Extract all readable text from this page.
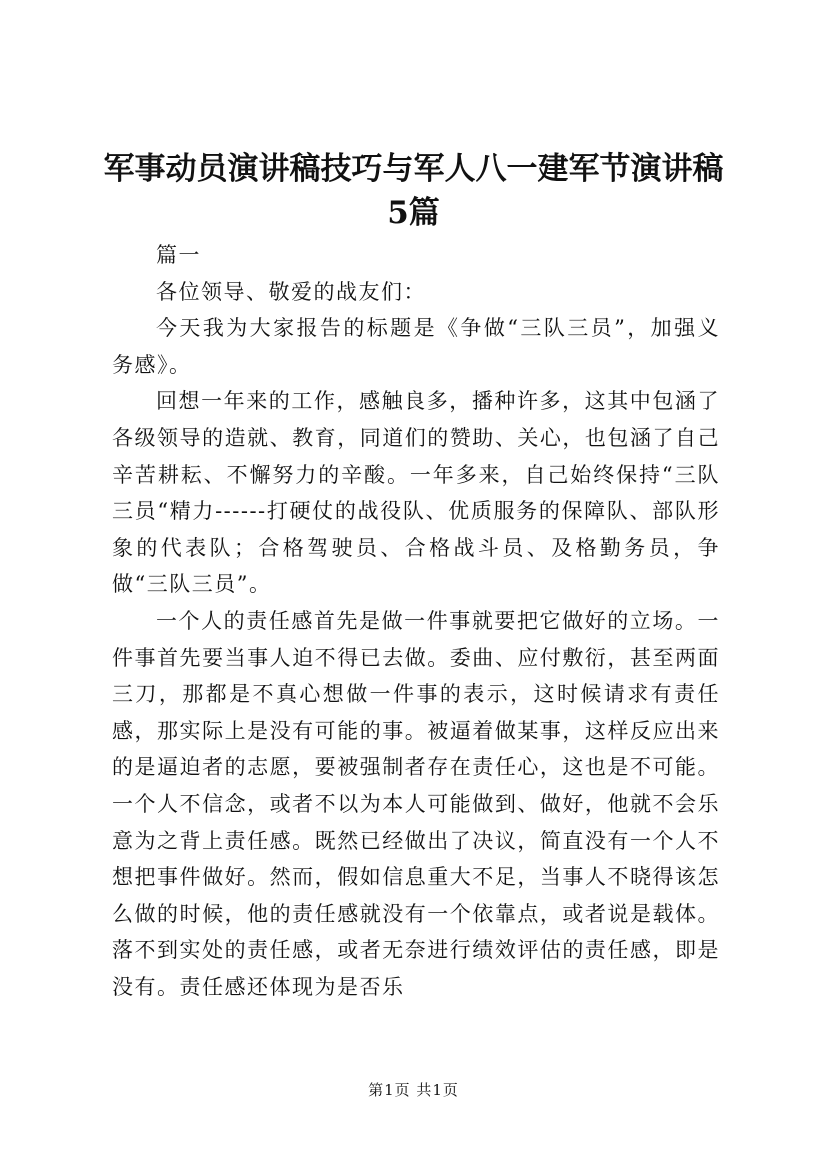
军事动员演讲稿技巧与军人八一建军节演讲稿5篇

篇一

各位领导、敬爱的战友们：

今天我为大家报告的标题是《争做“三队三员”，加强义务感》。

回想一年来的工作，感触良多，播种许多，这其中包涵了各级领导的造就、教育，同道们的赞助、关心，也包涵了自己辛苦耕耘、不懈努力的辛酸。一年多来，自己始终保持“三队三员“精力------打硬仗的战役队、优质服务的保障队、部队形象的代表队；合格驾驶员、合格战斗员、及格勤务员，争做“三队三员”。

一个人的责任感首先是做一件事就要把它做好的立场。一件事首先要当事人迫不得已去做。委曲、应付敷衍，甚至两面三刀，那都是不真心想做一件事的表示，这时候请求有责任感，那实际上是没有可能的事。被逼着做某事，这样反应出来的是逼迫者的志愿，要被强制者存在责任心，这也是不可能。一个人不信念，或者不以为本人可能做到、做好，他就不会乐意为之背上责任感。既然已经做出了决议，简直没有一个人不想把事件做好。然而，假如信息重大不足，当事人不晓得该怎么做的时候，他的责任感就没有一个依靠点，或者说是载体。落不到实处的责任感，或者无奈进行绩效评估的责任感，即是没有。责任感还体现为是否乐

第1页 共1页
